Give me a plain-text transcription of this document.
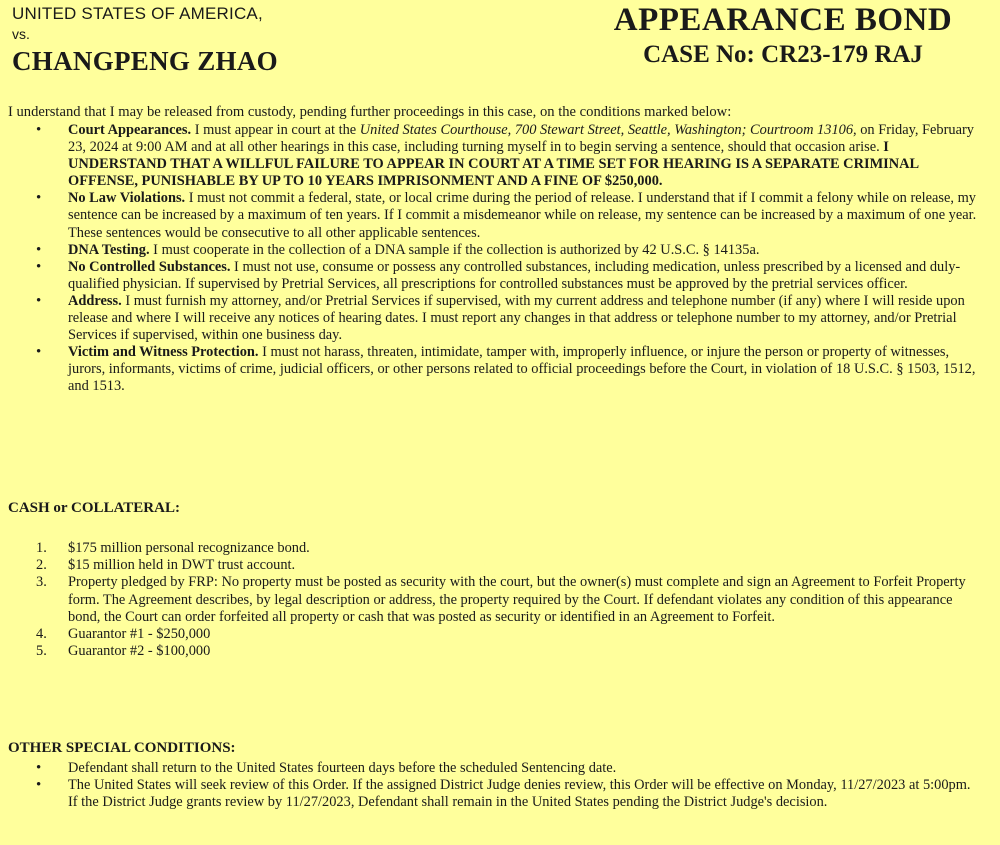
UNITED STATES OF AMERICA,
vs.
CHANGPENG ZHAO
APPEARANCE BOND
CASE No: CR23-179 RAJ
I understand that I may be released from custody, pending further proceedings in this case, on the conditions marked below:
• Court Appearances. I must appear in court at the United States Courthouse, 700 Stewart Street, Seattle, Washington; Courtroom 13106, on Friday, February 23, 2024 at 9:00 AM and at all other hearings in this case, including turning myself in to begin serving a sentence, should that occasion arise. I UNDERSTAND THAT A WILLFUL FAILURE TO APPEAR IN COURT AT A TIME SET FOR HEARING IS A SEPARATE CRIMINAL OFFENSE, PUNISHABLE BY UP TO 10 YEARS IMPRISONMENT AND A FINE OF $250,000.
• No Law Violations. I must not commit a federal, state, or local crime during the period of release. I understand that if I commit a felony while on release, my sentence can be increased by a maximum of ten years. If I commit a misdemeanor while on release, my sentence can be increased by a maximum of one year. These sentences would be consecutive to all other applicable sentences.
• DNA Testing. I must cooperate in the collection of a DNA sample if the collection is authorized by 42 U.S.C. § 14135a.
• No Controlled Substances. I must not use, consume or possess any controlled substances, including medication, unless prescribed by a licensed and duly-qualified physician. If supervised by Pretrial Services, all prescriptions for controlled substances must be approved by the pretrial services officer.
• Address. I must furnish my attorney, and/or Pretrial Services if supervised, with my current address and telephone number (if any) where I will reside upon release and where I will receive any notices of hearing dates. I must report any changes in that address or telephone number to my attorney, and/or Pretrial Services if supervised, within one business day.
• Victim and Witness Protection. I must not harass, threaten, intimidate, tamper with, improperly influence, or injure the person or property of witnesses, jurors, informants, victims of crime, judicial officers, or other persons related to official proceedings before the Court, in violation of 18 U.S.C. § 1503, 1512, and 1513.
CASH or COLLATERAL:
1. $175 million personal recognizance bond.
2. $15 million held in DWT trust account.
3. Property pledged by FRP: No property must be posted as security with the court, but the owner(s) must complete and sign an Agreement to Forfeit Property form. The Agreement describes, by legal description or address, the property required by the Court. If defendant violates any condition of this appearance bond, the Court can order forfeited all property or cash that was posted as security or identified in an Agreement to Forfeit.
4. Guarantor #1 - $250,000
5. Guarantor #2 - $100,000
OTHER SPECIAL CONDITIONS:
• Defendant shall return to the United States fourteen days before the scheduled Sentencing date.
• The United States will seek review of this Order. If the assigned District Judge denies review, this Order will be effective on Monday, 11/27/2023 at 5:00pm. If the District Judge grants review by 11/27/2023, Defendant shall remain in the United States pending the District Judge's decision.
